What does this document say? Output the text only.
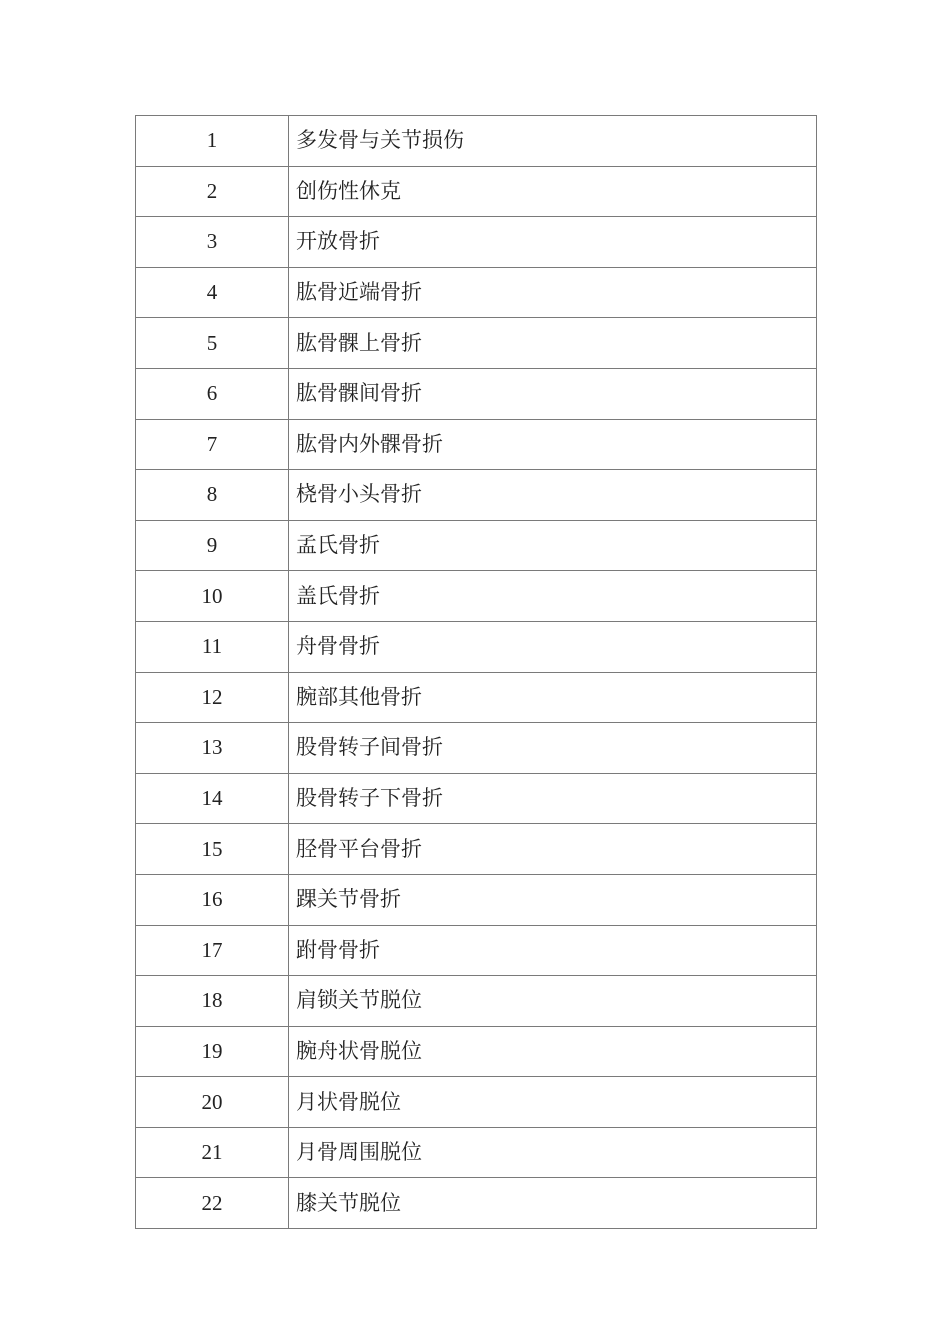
1	多发骨与关节损伤
2	创伤性休克
3	开放骨折
4	肱骨近端骨折
5	肱骨髁上骨折
6	肱骨髁间骨折
7	肱骨内外髁骨折
8	桡骨小头骨折
9	孟氏骨折
10	盖氏骨折
11	舟骨骨折
12	腕部其他骨折
13	股骨转子间骨折
14	股骨转子下骨折
15	胫骨平台骨折
16	踝关节骨折
17	跗骨骨折
18	肩锁关节脱位
19	腕舟状骨脱位
20	月状骨脱位
21	月骨周围脱位
22	膝关节脱位
